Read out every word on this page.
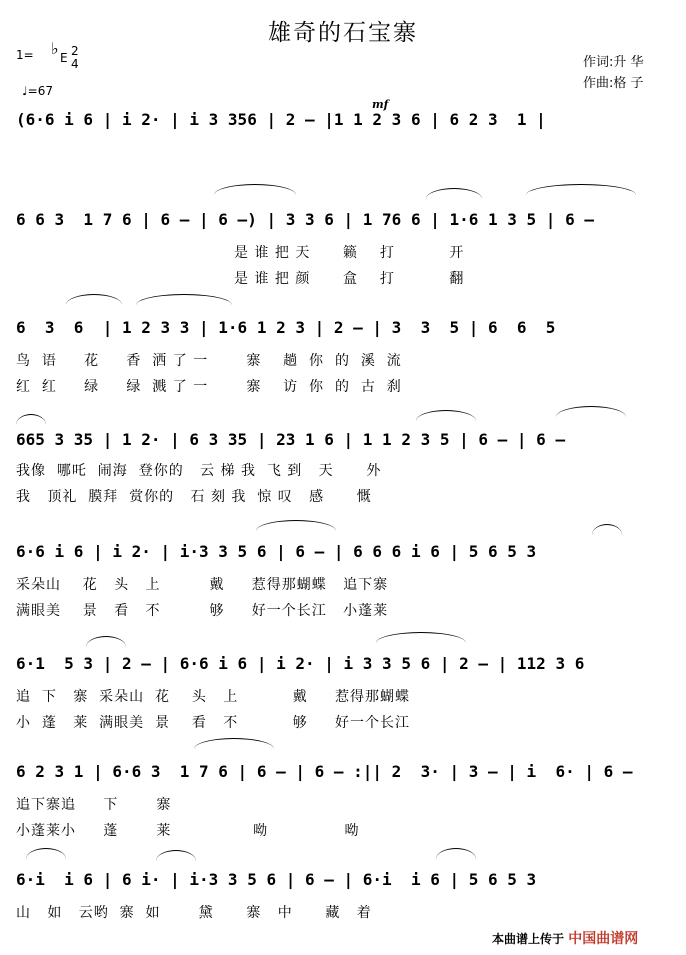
雄奇的石宝寨
1= ♭ E 2
4
♩=67
作词:升 华
作曲:格 子
mf
(6·6 i 6 | i 2· | i 3 356 | 2 — |1 1 2 3 6 | 6 2 3  1 |
6 6 3  1 7 6 | 6 — | 6 —) | 3 3 6 | 1 76 6 | 1·6 1 3 5 | 6 —
是 谁 把 天      籁    打          开
是 谁 把 颜      盒    打          翻
6  3  6  | 1 2 3 3 | 1·6 1 2 3 | 2 — | 3  3  5 | 6  6  5
鸟  语     花     香  洒 了 一       寨    趟  你  的  溪  流
红  红     绿     绿  溅 了 一       寨    访  你  的  古  刹
665 3 35 | 1 2· | 6 3 35 | 23 1 6 | 1 1 2 3 5 | 6 — | 6 —
我像  哪吒  闹海  登你的   云 梯 我  飞 到   天      外
我   顶礼  膜拜  赏你的   石 刻 我  惊 叹   感      慨
6·6 i 6 | i 2· | i·3 3 5 6 | 6 — | 6 6 6 i 6 | 5 6 5 3
采朵山    花   头   上         戴     惹得那蝴蝶   追下寨
满眼美    景   看   不         够     好一个长江   小蓬莱
6·1  5 3 | 2 — | 6·6 i 6 | i 2· | i 3 3 5 6 | 2 — | 112 3 6
追  下   寨  采朵山  花    头   上          戴     惹得那蝴蝶
小  蓬   莱  满眼美  景    看   不          够     好一个长江
6 2 3 1 | 6·6 3  1 7 6 | 6 — | 6 — :|| 2  3· | 3 — | i  6· | 6 —
追下寨追     下       寨
小蓬莱小     蓬       莱               呦              呦
6·i  i 6 | 6 i· | i·3 3 5 6 | 6 — | 6·i  i 6 | 5 6 5 3
山   如   云哟  寨  如       黛      寨   中      藏   着
本曲谱上传于 中国曲谱网
